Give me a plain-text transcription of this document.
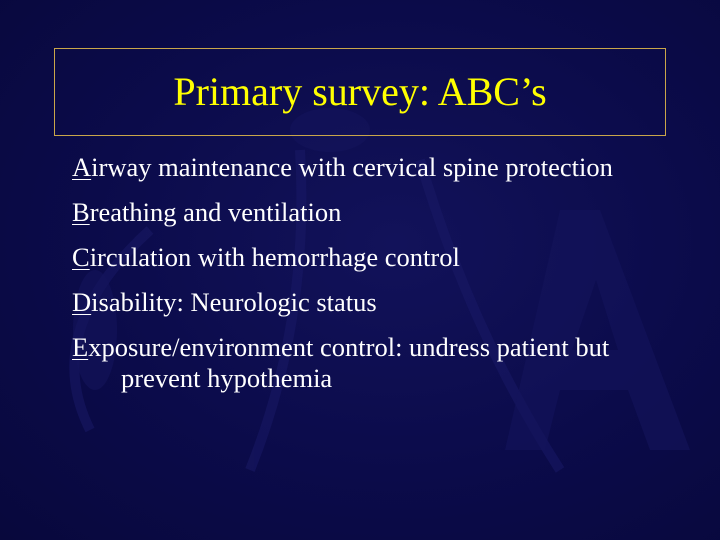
Primary survey: ABC’s
Airway maintenance with cervical spine protection
Breathing and ventilation
Circulation with hemorrhage control
Disability: Neurologic status
Exposure/environment control: undress patient but prevent hypothemia
